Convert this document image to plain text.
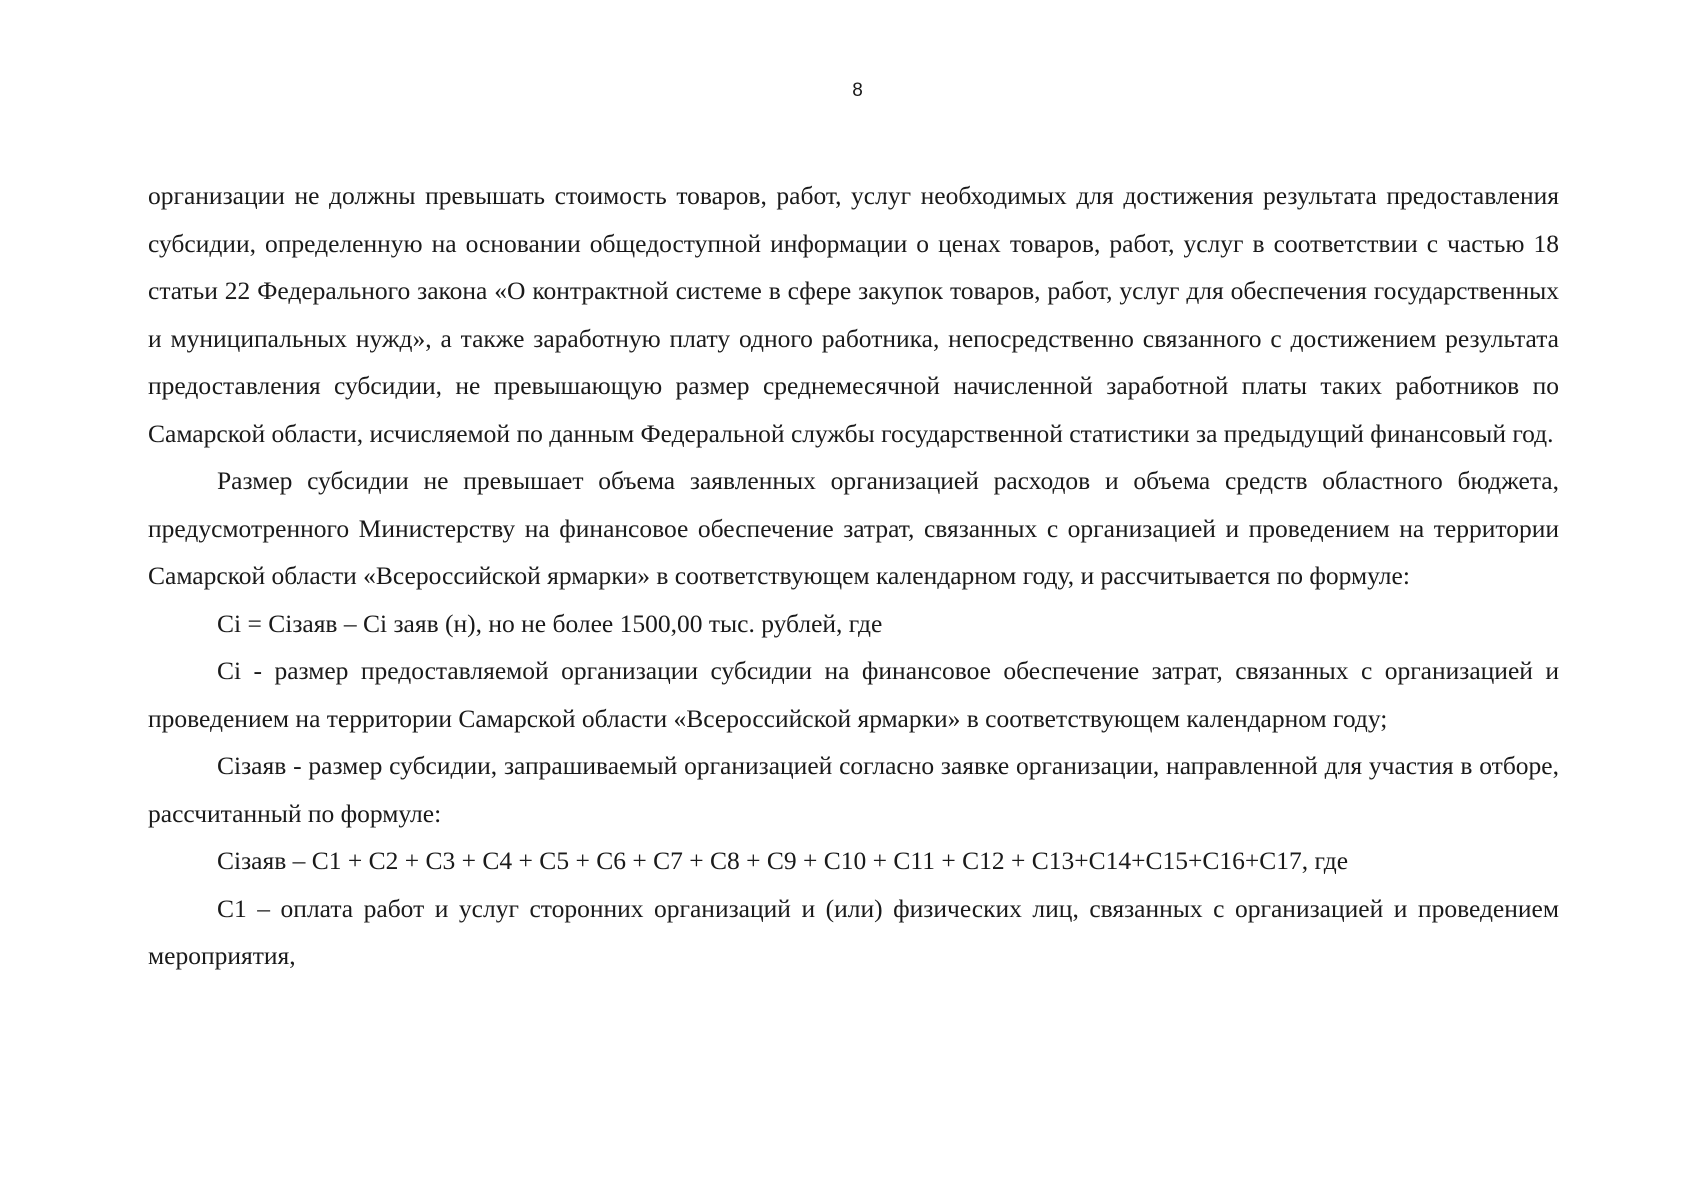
8

организации не должны превышать стоимость товаров, работ, услуг необходимых для достижения результата предоставления субсидии, определенную на основании общедоступной информации о ценах товаров, работ, услуг в соответствии с частью 18 статьи 22 Федерального закона «О контрактной системе в сфере закупок товаров, работ, услуг для обеспечения государственных и муниципальных нужд», а также заработную плату одного работника, непосредственно связанного с достижением результата предоставления субсидии, не превышающую размер среднемесячной начисленной заработной платы таких работников по Самарской области, исчисляемой по данным Федеральной службы государственной статистики за предыдущий финансовый год.

Размер субсидии не превышает объема заявленных организацией расходов и объема средств областного бюджета, предусмотренного Министерству на финансовое обеспечение затрат, связанных с организацией и проведением на территории Самарской области «Всероссийской ярмарки» в соответствующем календарном году, и рассчитывается по формуле:

Ci = Ciзаяв – Ci заяв (н), но не более 1500,00 тыс. рублей, где

Ci - размер предоставляемой организации субсидии на финансовое обеспечение затрат, связанных с организацией и проведением на территории Самарской области «Всероссийской ярмарки» в соответствующем календарном году;

Ciзаяв - размер субсидии, запрашиваемый организацией согласно заявке организации, направленной для участия в отборе, рассчитанный по формуле:

Ciзаяв – C1 + C2 + C3 + C4 + C5 + C6 + C7 + C8 + C9 + C10 + C11 + C12 + C13+C14+C15+C16+C17, где

C1 – оплата работ и услуг сторонних организаций и (или) физических лиц, связанных с организацией и проведением мероприятия,
